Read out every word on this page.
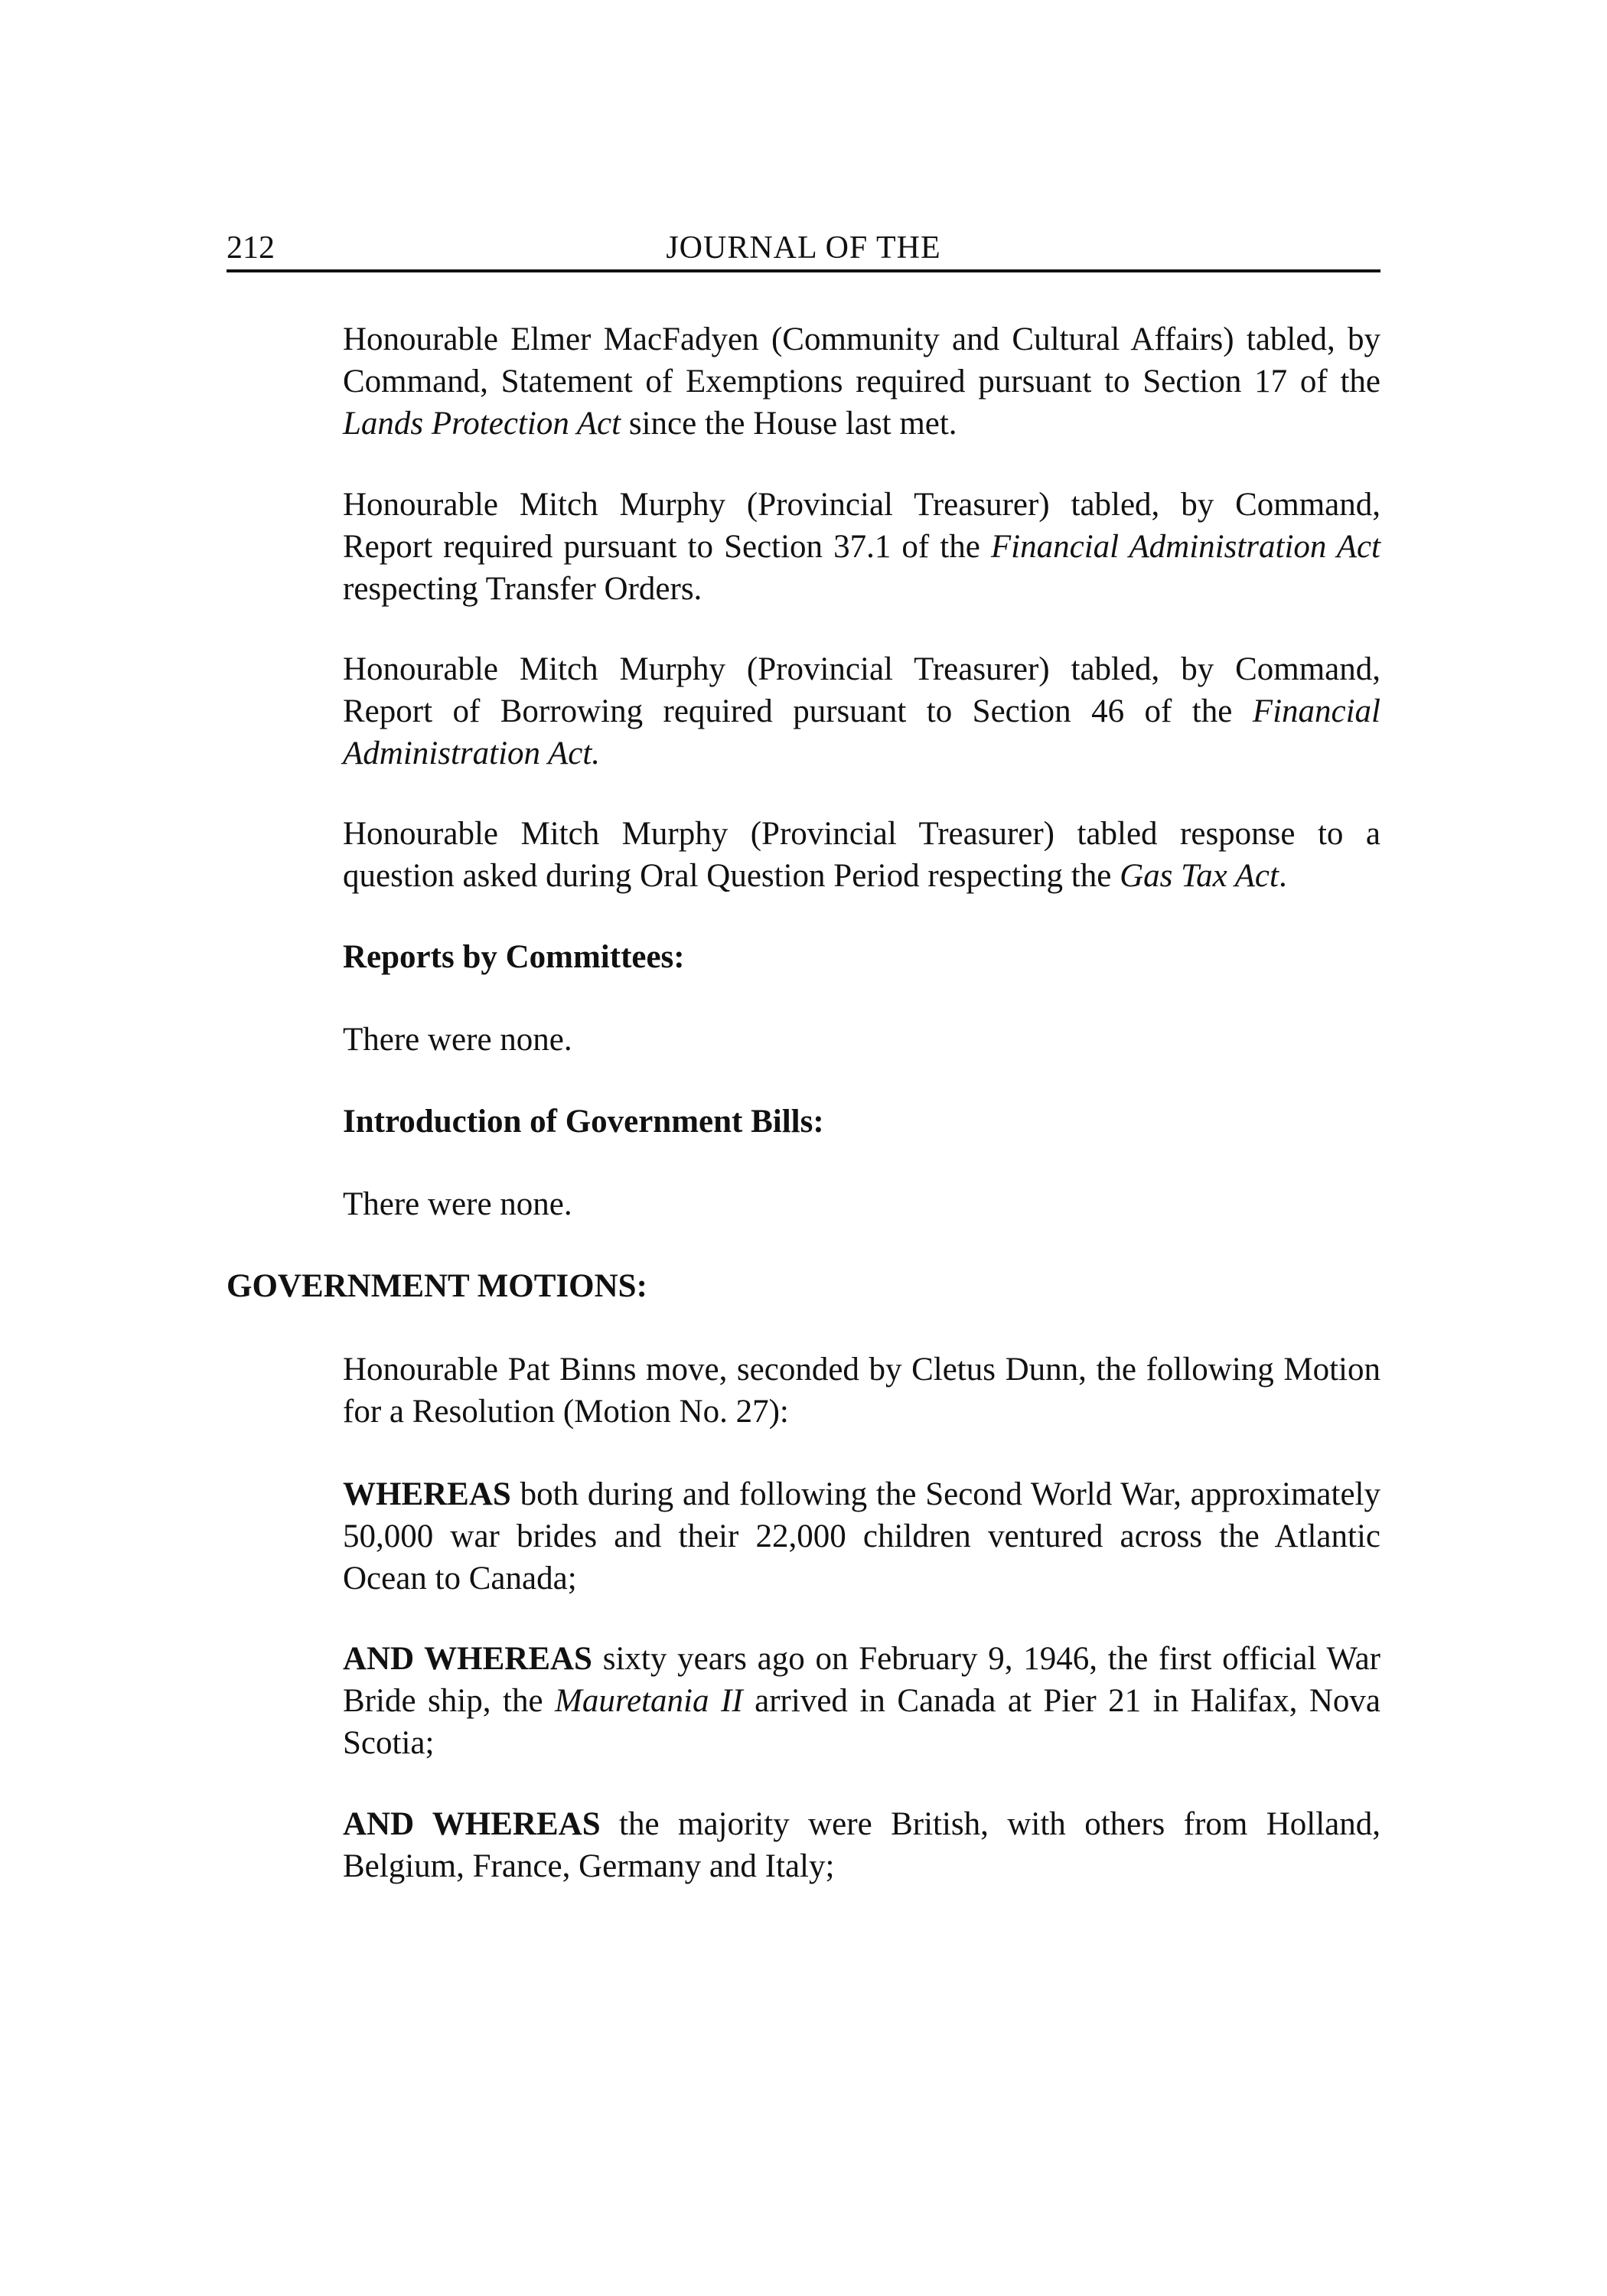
212	JOURNAL OF THE

Honourable Elmer MacFadyen (Community and Cultural Affairs) tabled, by Command, Statement of Exemptions required pursuant to Section 17 of the Lands Protection Act since the House last met.

Honourable Mitch Murphy (Provincial Treasurer) tabled, by Command, Report required pursuant to Section 37.1 of the Financial Administration Act respecting Transfer Orders.

Honourable Mitch Murphy (Provincial Treasurer) tabled, by Command, Report of Borrowing required pursuant to Section 46 of the Financial Administration Act.

Honourable Mitch Murphy (Provincial Treasurer) tabled response to a question asked during Oral Question Period respecting the Gas Tax Act.

Reports by Committees:
There were none.
Introduction of Government Bills:
There were none.
GOVERNMENT MOTIONS:
Honourable Pat Binns move, seconded by Cletus Dunn, the following Motion for a Resolution (Motion No. 27):

WHEREAS both during and following the Second World War, approximately 50,000 war brides and their 22,000 children ventured across the Atlantic Ocean to Canada;

AND WHEREAS sixty years ago on February 9, 1946, the first official War Bride ship, the Mauretania II arrived in Canada at Pier 21 in Halifax, Nova Scotia;

AND WHEREAS the majority were British, with others from Holland, Belgium, France, Germany and Italy;
